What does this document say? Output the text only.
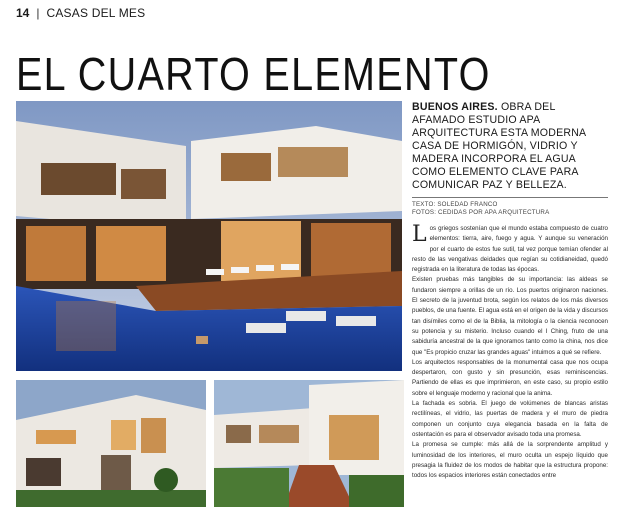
14 | CASAS DEL MES
EL CUARTO ELEMENTO

BUENOS AIRES. OBRA DEL AFAMADO ESTUDIO APA ARQUITECTURA ESTA MODERNA CASA DE HORMIGÓN, VIDRIO Y MADERA INCORPORA EL AGUA COMO ELEMENTO CLAVE PARA COMUNICAR PAZ Y BELLEZA.

TEXTO: SOLEDAD FRANCO
FOTOS: CEDIDAS POR APA ARQUITECTURA

Los griegos sostenían que el mundo estaba compuesto de cuatro elementos: tierra, aire, fuego y agua. Y aunque su veneración por el cuarto de estos fue sutil, tal vez porque temían ofender al resto de las vengativas deidades que regían su cotidianeidad, quedó registrada en la literatura de todas las épocas.

Existen pruebas más tangibles de su importancia: las aldeas se fundaron siempre a orillas de un río. Los puertos originaron naciones. El secreto de la juventud brota, según los relatos de los más diversos pueblos, de una fuente. El agua está en el origen de la vida y discursos tan disímiles como el de la Biblia, la mitología o la ciencia reconocen su potencia y su misterio. Incluso cuando el I Ching, fruto de una sabiduría ancestral de la que ignoramos tanto como la china, nos dice que "Es propicio cruzar las grandes aguas" intuimos a qué se refiere.

Los arquitectos responsables de la monumental casa que nos ocupa despertaron, con gusto y sin presunción, esas reminiscencias. Partiendo de ellas es que imprimieron, en este caso, su propio estilo sobre el lenguaje moderno y racional que la anima.

La fachada es sobria. El juego de volúmenes de blancas aristas rectilíneas, el vidrio, las puertas de madera y el muro de piedra componen un conjunto cuya elegancia basada en la falta de ostentación es para el observador avisado toda una promesa.

La promesa se cumple: más allá de la sorprendente amplitud y luminosidad de los interiores, el muro oculta un espejo líquido que presagia la fluidez de los modos de habitar que la estructura propone: todos los espacios interiores están conectados entre
